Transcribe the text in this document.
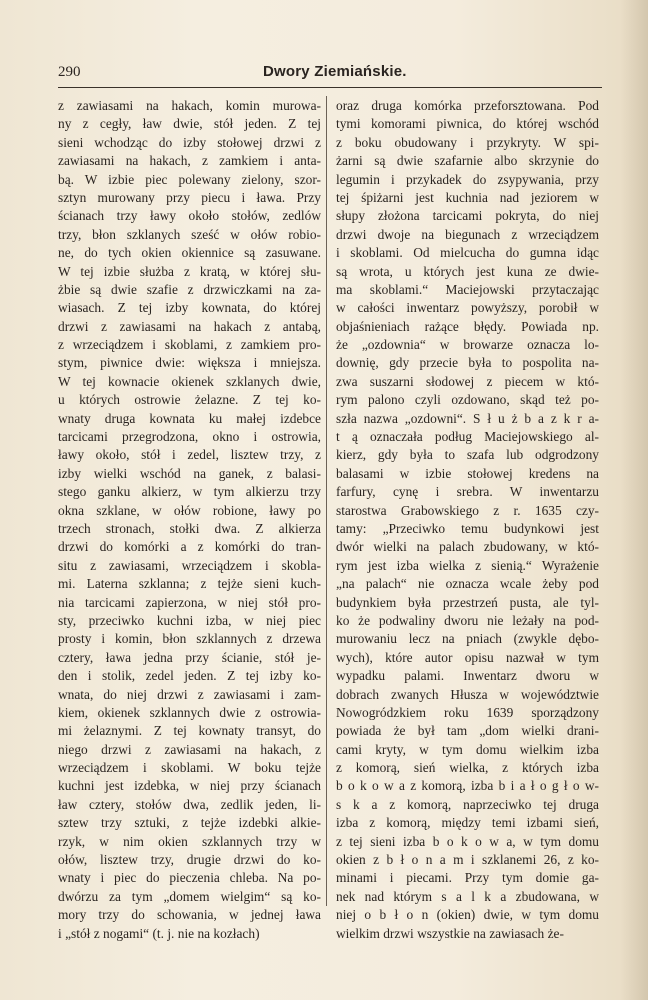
290	Dwory Ziemiańskie.
z zawiasami na hakach, komin murowa-
ny z cegły, ław dwie, stół jeden. Z tej
sieni wchodząc do izby stołowej drzwi z
zawiasami na hakach, z zamkiem i anta-
bą. W izbie piec polewany zielony, szor-
sztyn murowany przy piecu i ława. Przy
ścianach trzy ławy około stołów, zedlów
trzy, błon szklanych sześć w ołów robio-
ne, do tych okien okiennice są zasuwane.
W tej izbie służba z kratą, w której słu-
żbie są dwie szafie z drzwiczkami na za-
wiasach. Z tej izby kownata, do której
drzwi z zawiasami na hakach z antabą,
z wrzeciądzem i skoblami, z zamkiem pro-
stym, piwnice dwie: większa i mniejsza.
W tej kownacie okienek szklanych dwie,
u których ostrowie żelazne. Z tej ko-
wnaty druga kownata ku małej izdebce
tarcicami przegrodzona, okno i ostrowia,
ławy około, stół i zedel, lisztew trzy, z
izby wielki wschód na ganek, z balasi-
stego ganku alkierz, w tym alkierzu trzy
okna szklane, w ołów robione, ławy po
trzech stronach, stołki dwa. Z alkierza
drzwi do komórki a z komórki do tran-
situ z zawiasami, wrzeciądzem i skobla-
mi. Laterna szklanna; z tejże sieni kuch-
nia tarcicami zapierzona, w niej stół pro-
sty, przeciwko kuchni izba, w niej piec
prosty i komin, błon szklannych z drzewa
cztery, ława jedna przy ścianie, stół je-
den i stolik, zedel jeden. Z tej izby ko-
wnata, do niej drzwi z zawiasami i zam-
kiem, okienek szklannych dwie z ostrowia-
mi żelaznymi. Z tej kownaty transyt, do
niego drzwi z zawiasami na hakach, z
wrzeciądzem i skoblami. W boku tejże
kuchni jest izdebka, w niej przy ścianach
ław cztery, stołów dwa, zedlik jeden, li-
sztew trzy sztuki, z tejże izdebki alkie-
rzyk, w nim okien szklannych trzy w
ołów, lisztew trzy, drugie drzwi do ko-
wnaty i piec do pieczenia chleba. Na po-
dwórzu za tym „domem wielgim“ są ko-
mory trzy do schowania, w jednej ława
i „stół z nogami“ (t. j. nie na kozłach)
oraz druga komórka przeforsztowana. Pod
tymi komorami piwnica, do której wschód
z boku obudowany i przykryty. W spi-
żarni są dwie szafarnie albo skrzynie do
legumin i przykadek do zsypywania, przy
tej śpiżarni jest kuchnia nad jeziorem w
słupy złożona tarcicami pokryta, do niej
drzwi dwoje na biegunach z wrzeciądzem
i skoblami. Od mielcucha do gumna idąc
są wrota, u których jest kuna ze dwie-
ma skoblami.“ Maciejowski przytaczając
w całości inwentarz powyższy, porobił w
objaśnieniach rażące błędy. Powiada np.
że „ozdownia“ w browarze oznacza lo-
downię, gdy przecie była to pospolita na-
zwa suszarni słodowej z piecem w któ-
rym palono czyli ozdowano, skąd też po-
szła nazwa „ozdowni“. S ł u ż b a z k r a-
t ą oznaczała podług Maciejowskiego al-
kierz, gdy była to szafa lub odgrodzony
balasami w izbie stołowej kredens na
farfury, cynę i srebra. W inwentarzu
starostwa Grabowskiego z r. 1635 czy-
tamy: „Przeciwko temu budynkowi jest
dwór wielki na palach zbudowany, w któ-
rym jest izba wielka z sienią.“ Wyrażenie
„na palach“ nie oznacza wcale żeby pod
budynkiem była przestrzeń pusta, ale tyl-
ko że podwaliny dworu nie leżały na pod-
murowaniu lecz na pniach (zwykle dębo-
wych), które autor opisu nazwał w tym
wypadku palami. Inwentarz dworu w
dobrach zwanych Hłusza w województwie
Nowogródzkiem roku 1639 sporządzony
powiada że był tam „dom wielki drani-
cami kryty, w tym domu wielkim izba
z komorą, sień wielka, z których izba
b o k o w a z komorą, izba b i a ł o g ł o w-
s k a z komorą, naprzeciwko tej druga
izba z komorą, między temi izbami sień,
z tej sieni izba b o k o w a, w tym domu
okien z b ł o n a m i szklanemi 26, z ko-
minami i piecami. Przy tym domie ga-
nek nad którym s a l k a zbudowana, w
niej o b ł o n (okien) dwie, w tym domu
wielkim drzwi wszystkie na zawiasach że-
